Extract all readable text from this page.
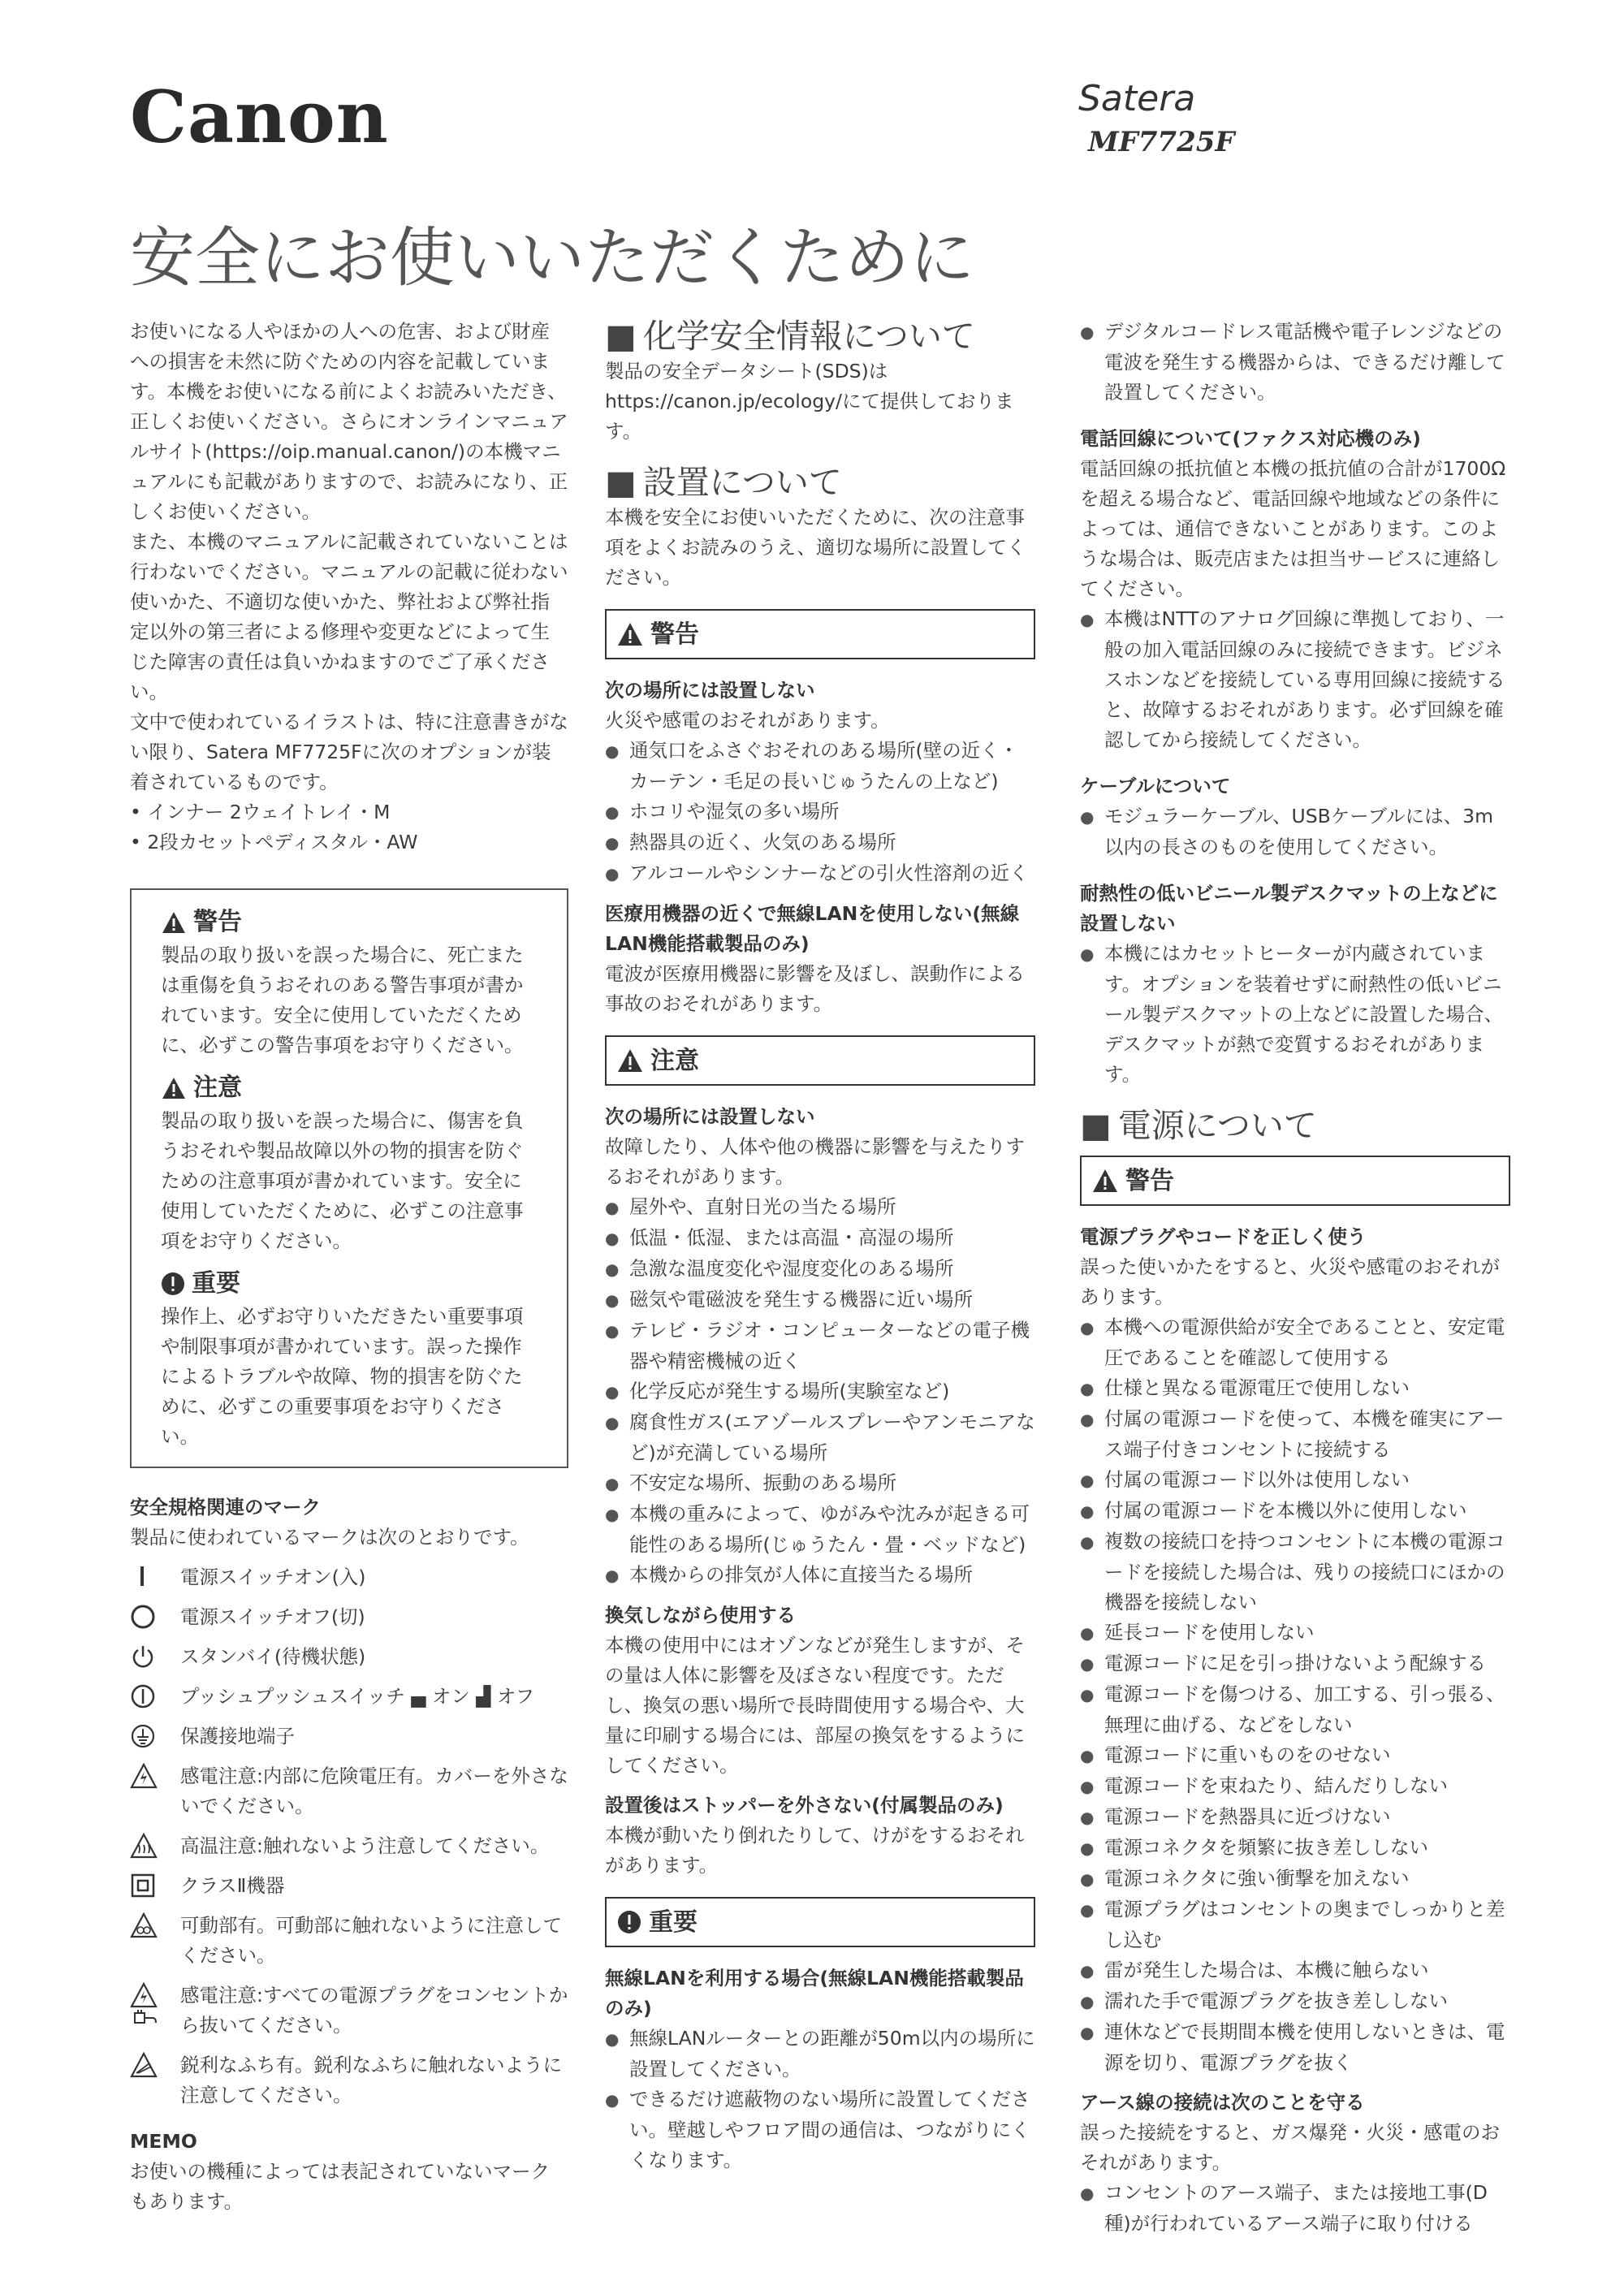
Canon	Satera
MF7725F
安全にお使いいただくために

お使いになる人やほかの人への危害、および財産への損害を未然に防ぐための内容を記載しています。本機をお使いになる前によくお読みいただき、正しくお使いください。さらにオンラインマニュアルサイト(https://oip.manual.canon/)の本機マニュアルにも記載がありますので、お読みになり、正しくお使いください。

また、本機のマニュアルに記載されていないことは行わないでください。マニュアルの記載に従わない使いかた、不適切な使いかた、弊社および弊社指定以外の第三者による修理や変更などによって生じた障害の責任は負いかねますのでご了承ください。

文中で使われているイラストは、特に注意書きがない限り、Satera MF7725Fに次のオプションが装着されているものです。

• インナー 2ウェイトレイ・M

• 2段カセットペディスタル・AW

警告

製品の取り扱いを誤った場合に、死亡または重傷を負うおそれのある警告事項が書かれています。安全に使用していただくために、必ずこの警告事項をお守りください。

注意

製品の取り扱いを誤った場合に、傷害を負うおそれや製品故障以外の物的損害を防ぐための注意事項が書かれています。安全に使用していただくために、必ずこの注意事項をお守りください。

重要

操作上、必ずお守りいただきたい重要事項や制限事項が書かれています。誤った操作によるトラブルや故障、物的損害を防ぐために、必ずこの重要事項をお守りください。

安全規格関連のマーク

製品に使われているマークは次のとおりです。

電源スイッチオン(入)
電源スイッチオフ(切)
スタンバイ(待機状態)
プッシュプッシュスイッチ ▄ オン ▟ オフ
保護接地端子
感電注意:内部に危険電圧有。カバーを外さないでください。
高温注意:触れないよう注意してください。
クラスⅡ機器
可動部有。可動部に触れないように注意してください。
感電注意:すべての電源プラグをコンセントから抜いてください。
鋭利なふち有。鋭利なふちに触れないように注意してください。

MEMO

お使いの機種によっては表記されていないマークもあります。

■ 化学安全情報について

製品の安全データシート(SDS)は

https://canon.jp/ecology/にて提供しております。

■ 設置について

本機を安全にお使いいただくために、次の注意事項をよくお読みのうえ、適切な場所に設置してください。

警告

次の場所には設置しない

火災や感電のおそれがあります。

● 通気口をふさぐおそれのある場所(壁の近く・カーテン・毛足の長いじゅうたんの上など)

● ホコリや湿気の多い場所

● 熱器具の近く、火気のある場所

● アルコールやシンナーなどの引火性溶剤の近く

医療用機器の近くで無線LANを使用しない(無線LAN機能搭載製品のみ)

電波が医療用機器に影響を及ぼし、誤動作による事故のおそれがあります。

注意

次の場所には設置しない

故障したり、人体や他の機器に影響を与えたりするおそれがあります。

● 屋外や、直射日光の当たる場所

● 低温・低湿、または高温・高湿の場所

● 急激な温度変化や湿度変化のある場所

● 磁気や電磁波を発生する機器に近い場所

● テレビ・ラジオ・コンピューターなどの電子機器や精密機械の近く

● 化学反応が発生する場所(実験室など)

● 腐食性ガス(エアゾールスプレーやアンモニアなど)が充満している場所

● 不安定な場所、振動のある場所

● 本機の重みによって、ゆがみや沈みが起きる可能性のある場所(じゅうたん・畳・ベッドなど)

● 本機からの排気が人体に直接当たる場所

換気しながら使用する

本機の使用中にはオゾンなどが発生しますが、その量は人体に影響を及ぼさない程度です。ただし、換気の悪い場所で長時間使用する場合や、大量に印刷する場合には、部屋の換気をするようにしてください。

設置後はストッパーを外さない(付属製品のみ)

本機が動いたり倒れたりして、けがをするおそれがあります。

重要

無線LANを利用する場合(無線LAN機能搭載製品のみ)

● 無線LANルーターとの距離が50m以内の場所に設置してください。

● できるだけ遮蔽物のない場所に設置してください。壁越しやフロア間の通信は、つながりにくくなります。

● デジタルコードレス電話機や電子レンジなどの電波を発生する機器からは、できるだけ離して設置してください。

電話回線について(ファクス対応機のみ)

電話回線の抵抗値と本機の抵抗値の合計が1700Ωを超える場合など、電話回線や地域などの条件によっては、通信できないことがあります。このような場合は、販売店または担当サービスに連絡してください。

● 本機はNTTのアナログ回線に準拠しており、一般の加入電話回線のみに接続できます。ビジネスホンなどを接続している専用回線に接続すると、故障するおそれがあります。必ず回線を確認してから接続してください。

ケーブルについて

● モジュラーケーブル、USBケーブルには、3m以内の長さのものを使用してください。

耐熱性の低いビニール製デスクマットの上などに設置しない

● 本機にはカセットヒーターが内蔵されています。オプションを装着せずに耐熱性の低いビニール製デスクマットの上などに設置した場合、デスクマットが熱で変質するおそれがあります。

■ 電源について
警告

電源プラグやコードを正しく使う

誤った使いかたをすると、火災や感電のおそれがあります。

● 本機への電源供給が安全であることと、安定電圧であることを確認して使用する

● 仕様と異なる電源電圧で使用しない

● 付属の電源コードを使って、本機を確実にアース端子付きコンセントに接続する

● 付属の電源コード以外は使用しない

● 付属の電源コードを本機以外に使用しない

● 複数の接続口を持つコンセントに本機の電源コードを接続した場合は、残りの接続口にほかの機器を接続しない

● 延長コードを使用しない

● 電源コードに足を引っ掛けないよう配線する

● 電源コードを傷つける、加工する、引っ張る、無理に曲げる、などをしない

● 電源コードに重いものをのせない

● 電源コードを束ねたり、結んだりしない

● 電源コードを熱器具に近づけない

● 電源コネクタを頻繁に抜き差ししない

● 電源コネクタに強い衝撃を加えない

● 電源プラグはコンセントの奥までしっかりと差し込む

● 雷が発生した場合は、本機に触らない

● 濡れた手で電源プラグを抜き差ししない

● 連休などで長期間本機を使用しないときは、電源を切り、電源プラグを抜く

アース線の接続は次のことを守る

誤った接続をすると、ガス爆発・火災・感電のおそれがあります。

● コンセントのアース端子、または接地工事(D種)が行われているアース端子に取り付ける
